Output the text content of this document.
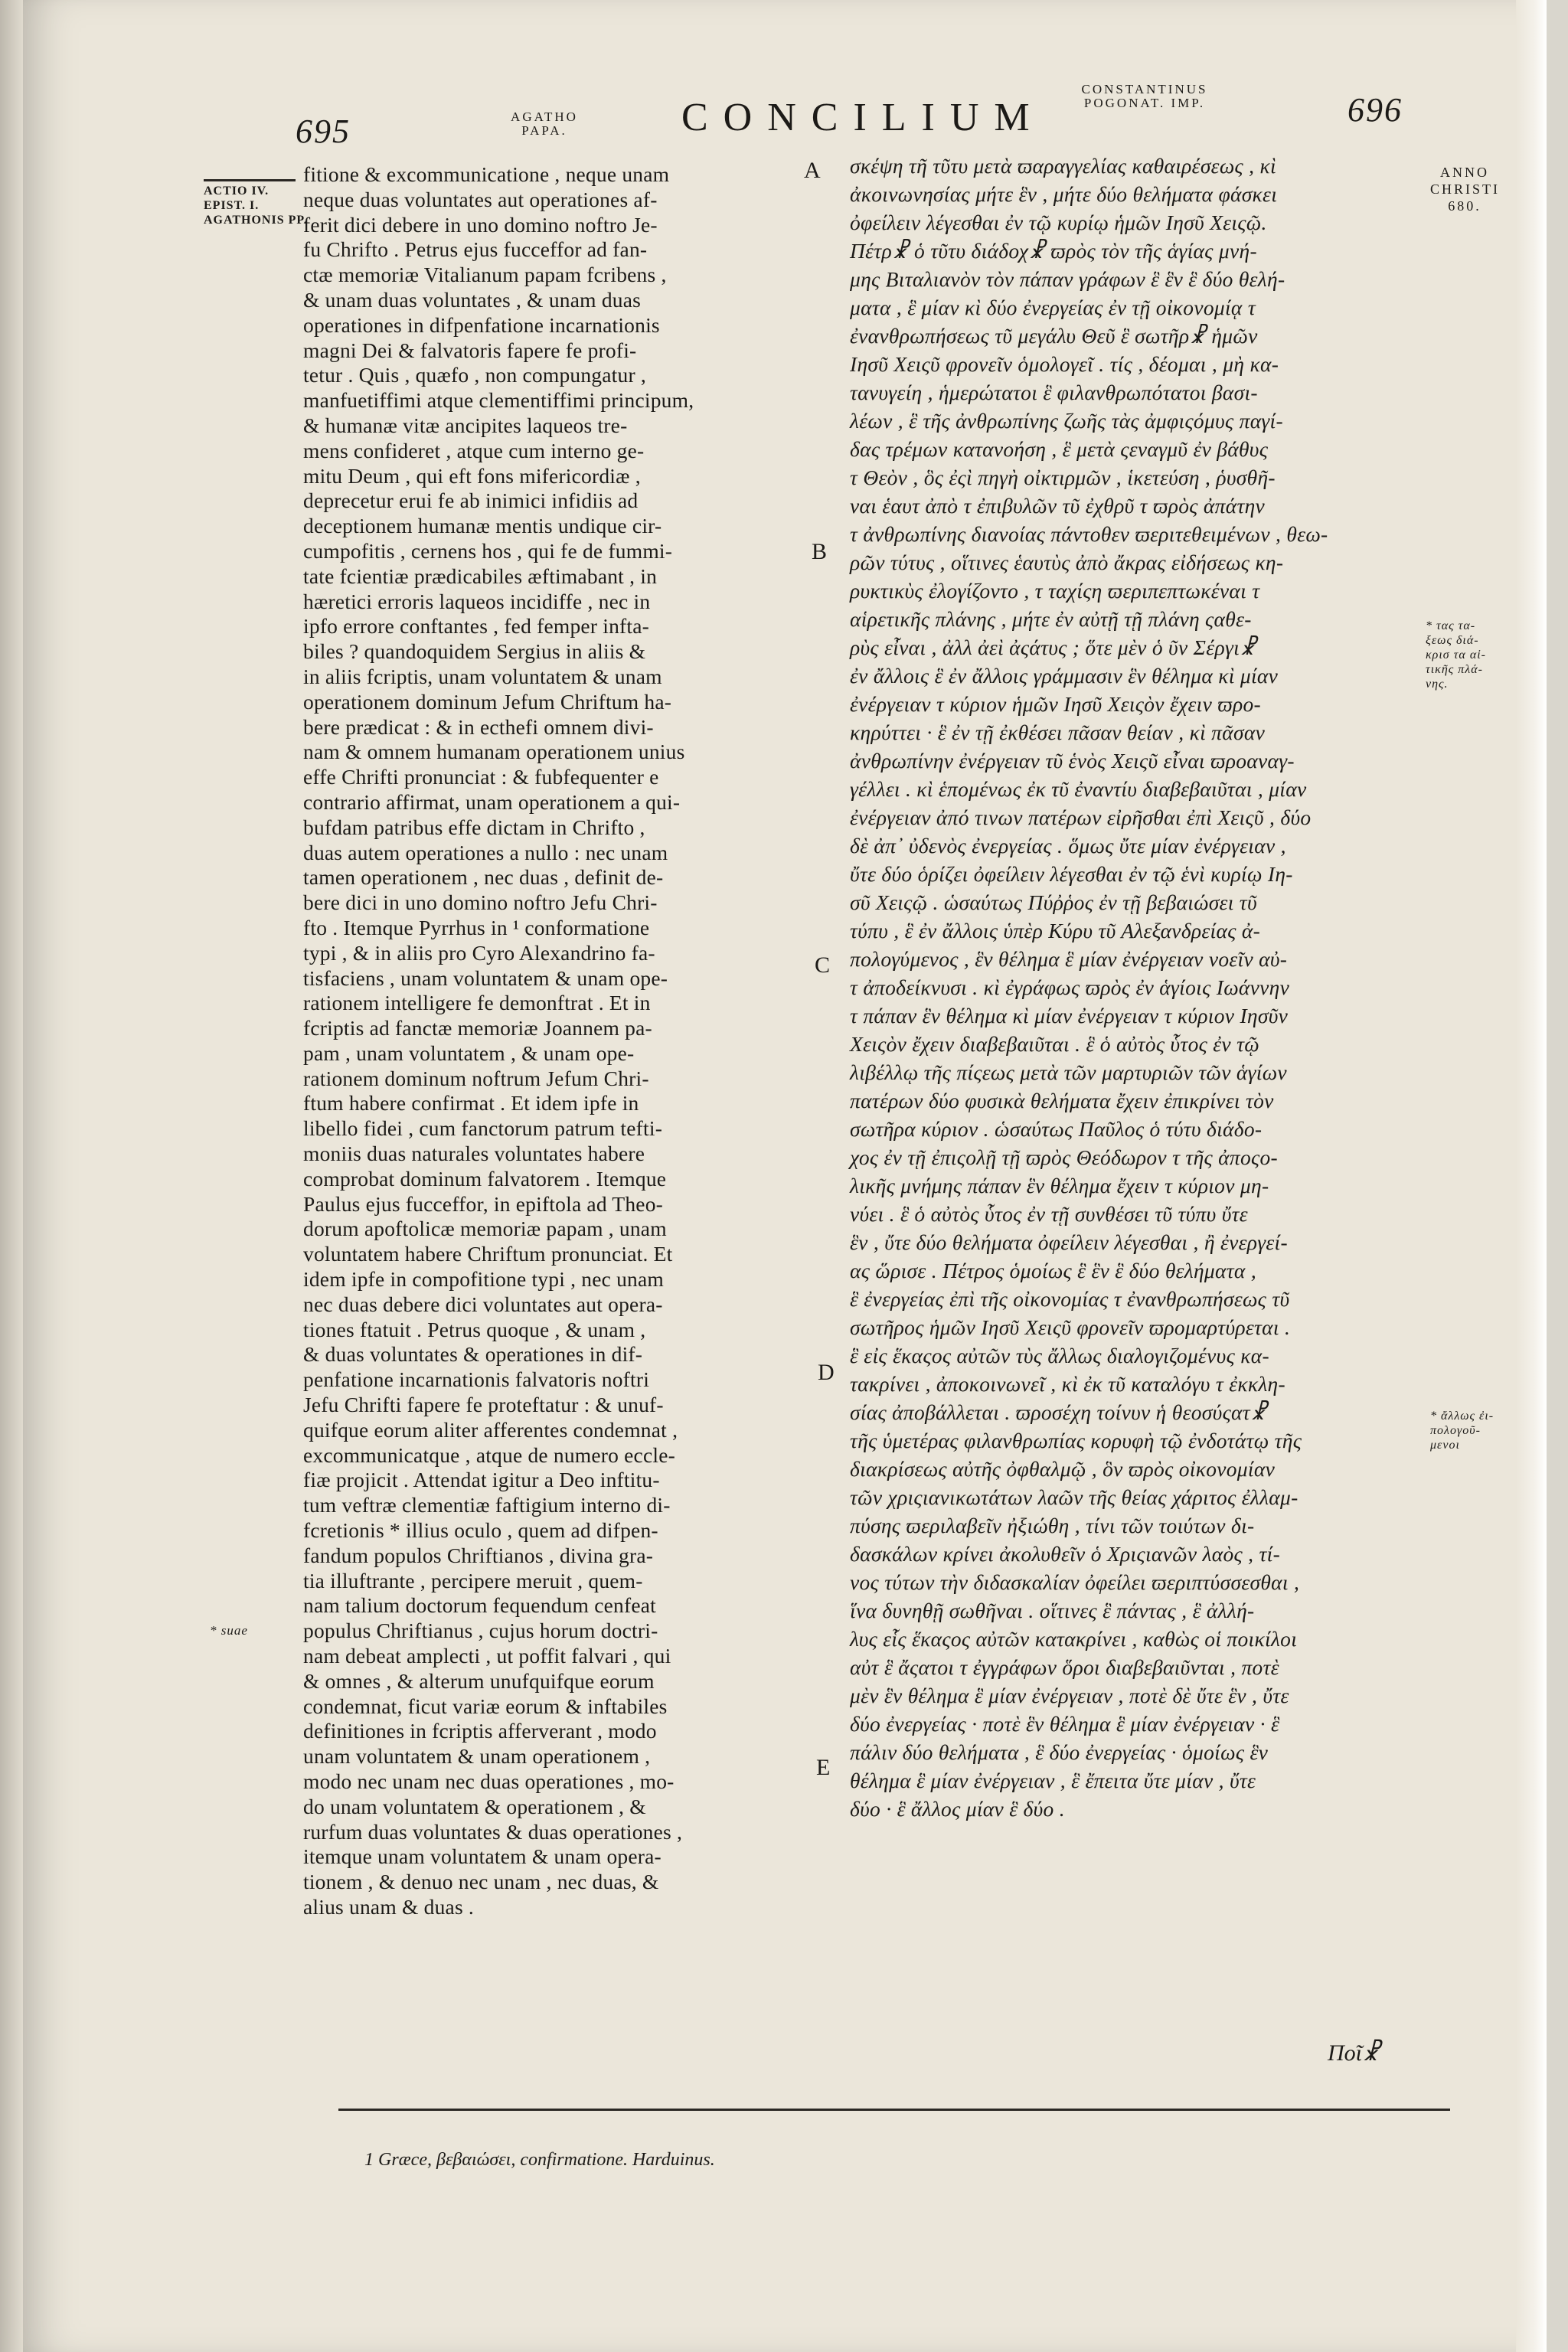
695	AGATHO PAPA.	CONCILIUM
CONSTANTINUS POGONAT. IMP.	696
ACTIO IV.
EPIST. I.
AGATHONIS PP.
* suae
ANNO
CHRISTI
680.
* τας τα-
ξεως διά-
κρισ τα αἱ-
τικῆς πλά-
νης.
* ἄλλως ἐι-
πολογοῦ-
μενοι
A
B
C
D
E
fitione & excommunicatione , neque unam
neque duas voluntates aut operationes af-
ferit dici debere in uno domino noftro Je-
fu Chrifto . Petrus ejus fucceffor ad fan-
ctæ memoriæ Vitalianum papam fcribens ,
& unam duas voluntates , & unam duas
operationes in difpenfatione incarnationis
magni Dei & falvatoris fapere fe profi-
tetur . Quis , quæfo , non compungatur ,
manfuetiffimi atque clementiffimi principum,
& humanæ vitæ ancipites laqueos tre-
mens confideret , atque cum interno ge-
mitu Deum , qui eft fons mifericordiæ ,
deprecetur erui fe ab inimici infidiis ad
deceptionem humanæ mentis undique cir-
cumpofitis , cernens hos , qui fe de fummi-
tate fcientiæ prædicabiles æftimabant , in
hæretici erroris laqueos incidiffe , nec in
ipfo errore conftantes , fed femper infta-
biles ? quandoquidem Sergius in aliis &
in aliis fcriptis, unam voluntatem & unam
operationem dominum Jefum Chriftum ha-
bere prædicat : & in ecthefi omnem divi-
nam & omnem humanam operationem unius
effe Chrifti pronunciat : & fubfequenter e
contrario affirmat, unam operationem a qui-
bufdam patribus effe dictam in Chrifto ,
duas autem operationes a nullo : nec unam
tamen operationem , nec duas , definit de-
bere dici in uno domino noftro Jefu Chri-
fto . Itemque Pyrrhus in ¹ conformatione
typi , & in aliis pro Cyro Alexandrino fa-
tisfaciens , unam voluntatem & unam ope-
rationem intelligere fe demonftrat . Et in
fcriptis ad fanctæ memoriæ Joannem pa-
pam , unam voluntatem , & unam ope-
rationem dominum noftrum Jefum Chri-
ftum habere confirmat . Et idem ipfe in
libello fidei , cum fanctorum patrum tefti-
moniis duas naturales voluntates habere
comprobat dominum falvatorem . Itemque
Paulus ejus fucceffor, in epiftola ad Theo-
dorum apoftolicæ memoriæ papam , unam
voluntatem habere Chriftum pronunciat. Et
idem ipfe in compofitione typi , nec unam
nec duas debere dici voluntates aut opera-
tiones ftatuit . Petrus quoque , & unam ,
& duas voluntates & operationes in dif-
penfatione incarnationis falvatoris noftri
Jefu Chrifti fapere fe proteftatur : & unuf-
quifque eorum aliter afferentes condemnat ,
excommunicatque , atque de numero eccle-
fiæ projicit . Attendat igitur a Deo inftitu-
tum veftræ clementiæ faftigium interno di-
fcretionis * illius oculo , quem ad difpen-
fandum populos Chriftianos , divina gra-
tia illuftrante , percipere meruit , quem-
nam talium doctorum fequendum cenfeat
populus Chriftianus , cujus horum doctri-
nam debeat amplecti , ut poffit falvari , qui
& omnes , & alterum unufquifque eorum
condemnat, ficut variæ eorum & inftabiles
definitiones in fcriptis afferverant , modo
unam voluntatem & unam operationem ,
modo nec unam nec duas operationes , mo-
do unam voluntatem & operationem , &
rurfum duas voluntates & duas operationes ,
itemque unam voluntatem & unam opera-
tionem , & denuo nec unam , nec duas, &
alius unam & duas .
σκέψη τῆ τῦτυ μετὰ ϖαραγγελίας καθαιρέσεως , κὶ
ἀκοινωνησίας μήτε ἓν , μήτε δύο θελήματα φάσκει
ὀφείλειν λέγεσθαι ἐν τῷ κυρίῳ ἡμῶν Ιησῦ Χειςῷ.
Πέτρ☧ ὁ τῦτυ διάδοχ☧ ϖρὸς τὸν τῆς ἁγίας μνή-
μης Βιταλιανὸν τὸν πάπαν γράφων ἓ ἓν ἓ δύο θελή-
ματα , ἓ μίαν κὶ δύο ἐνεργείας ἐν τῇ οἰκονομίᾳ τ
ἐνανθρωπήσεως τῦ μεγάλυ Θεῦ ἓ σωτῆρ☧ ἡμῶν
Ιησῦ Χειςῦ φρονεῖν ὁμολογεῖ . τίς , δέομαι , μὴ κα-
τανυγείη , ἡμερώτατοι ἓ φιλανθρωπότατοι βασι-
λέων , ἓ τῆς ἀνθρωπίνης ζωῆς τὰς ἀμφιςόμυς παγί-
δας τρέμων κατανοήση , ἓ μετὰ ςεναγμῦ ἐν βάθυς
τ Θεὸν , ὃς ἐςὶ πηγὴ οἰκτιρμῶν , ἱκετεύση , ῥυσθῆ-
ναι ἑαυτ ἀπὸ τ ἐπιβυλῶν τῦ ἐχθρῦ τ ϖρὸς ἀπάτην
τ ἀνθρωπίνης διανοίας πάντοθεν ϖεριτεθειμένων , θεω-
ρῶν τύτυς , οἵτινες ἑαυτὺς ἀπὸ ἄκρας εἰδήσεως κη-
ρυκτικὺς ἐλογίζοντο , τ ταχίςη ϖεριπεπτωκέναι τ
αἱρετικῆς πλάνης , μήτε ἐν αὐτῇ τῇ πλάνη ςαθε-
ρὺς εἶναι , ἀλλ ἀεὶ ἀςάτυς ; ὅτε μὲν ὁ ῦν Σέργι☧
ἐν ἄλλοις ἓ ἐν ἄλλοις γράμμασιν ἓν θέλημα κὶ μίαν
ἐνέργειαν τ κύριον ἡμῶν Ιησῦ Χειςὸν ἔχειν ϖρο-
κηρύττει · ἓ ἐν τῇ ἐκθέσει πᾶσαν θείαν , κὶ πᾶσαν
ἀνθρωπίνην ἐνέργειαν τῦ ἑνὸς Χειςῦ εἶναι ϖροαναγ-
γέλλει . κὶ ἑπομένως ἐκ τῦ ἐναντίυ διαβεβαιῦται , μίαν
ἐνέργειαν ἀπό τινων πατέρων εἰρῆσθαι ἐπὶ Χειςῦ , δύο
δὲ ἀπ᾽ ὐδενὸς ἐνεργείας . ὅμως ὔτε μίαν ἐνέργειαν ,
ὔτε δύο ὁρίζει ὀφείλειν λέγεσθαι ἐν τῷ ἑνὶ κυρίῳ Ιη-
σῦ Χειςῷ . ὡσαύτως Πύῤῥος ἐν τῇ βεβαιώσει τῦ
τύπυ , ἓ ἐν ἄλλοις ὑπὲρ Κύρυ τῦ Αλεξανδρείας ἀ-
πολογύμενος , ἓν θέλημα ἓ μίαν ἐνέργειαν νοεῖν αὐ-
τ ἀποδείκνυσι . κὶ ἐγράφως ϖρὸς ἐν ἁγίοις Ιωάννην
τ πάπαν ἓν θέλημα κὶ μίαν ἐνέργειαν τ κύριον Ιησῦν
Χειςὸν ἔχειν διαβεβαιῦται . ἓ ὁ αὐτὸς ὗτος ἐν τῷ
λιβέλλῳ τῆς πίςεως μετὰ τῶν μαρτυριῶν τῶν ἁγίων
πατέρων δύο φυσικὰ θελήματα ἔχειν ἐπικρίνει τὸν
σωτῆρα κύριον . ὡσαύτως Παῦλος ὁ τύτυ διάδο-
χος ἐν τῇ ἐπιςολῇ τῇ ϖρὸς Θεόδωρον τ τῆς ἀποςο-
λικῆς μνήμης πάπαν ἓν θέλημα ἔχειν τ κύριον μη-
νύει . ἓ ὁ αὐτὸς ὗτος ἐν τῇ συνθέσει τῦ τύπυ ὔτε
ἓν , ὔτε δύο θελήματα ὀφείλειν λέγεσθαι , ἢ ἐνεργεί-
ας ὥρισε . Πέτρος ὁμοίως ἓ ἓν ἓ δύο θελήματα ,
ἓ ἐνεργείας ἐπὶ τῆς οἰκονομίας τ ἐνανθρωπήσεως τῦ
σωτῆρος ἡμῶν Ιησῦ Χειςῦ φρονεῖν ϖρομαρτύρεται .
ἓ εἰς ἕκαςος αὐτῶν τὺς ἄλλως διαλογιζομένυς κα-
τακρίνει , ἀποκοινωνεῖ , κὶ ἐκ τῦ καταλόγυ τ ἐκκλη-
σίας ἀποβάλλεται . ϖροσέχη τοίνυν ἡ θεοσύςατ☧
τῆς ὑμετέρας φιλανθρωπίας κορυφὴ τῷ ἐνδοτάτῳ τῆς
διακρίσεως αὐτῆς ὀφθαλμῷ , ὃν ϖρὸς οἰκονομίαν
τῶν χριςιανικωτάτων λαῶν τῆς θείας χάριτος ἐλλαμ-
πύσης ϖεριλαβεῖν ἠξιώθη , τίνι τῶν τοιύτων δι-
δασκάλων κρίνει ἀκολυθεῖν ὁ Χριςιανῶν λαὸς , τί-
νος τύτων τὴν διδασκαλίαν ὀφείλει ϖεριπτύσσεσθαι ,
ἵνα δυνηθῇ σωθῆναι . οἵτινες ἓ πάντας , ἓ ἀλλή-
λυς εἷς ἕκαςος αὐτῶν κατακρίνει , καθὼς οἱ ποικίλοι
αὐτ ἓ ἄςατοι τ ἐγγράφων ὅροι διαβεβαιῦνται , ποτὲ
μὲν ἓν θέλημα ἓ μίαν ἐνέργειαν , ποτὲ δὲ ὔτε ἓν , ὔτε
δύο ἐνεργείας · ποτὲ ἓν θέλημα ἓ μίαν ἐνέργειαν · ἓ
πάλιν δύο θελήματα , ἓ δύο ἐνεργείας · ὁμοίως ἓν
θέλημα ἓ μίαν ἐνέργειαν , ἓ ἔπειτα ὔτε μίαν , ὔτε
δύο · ἓ ἄλλος μίαν ἓ δύο .
Ποῖ☧
1 Græce, βεβαιώσει, confirmatione. Harduinus.
